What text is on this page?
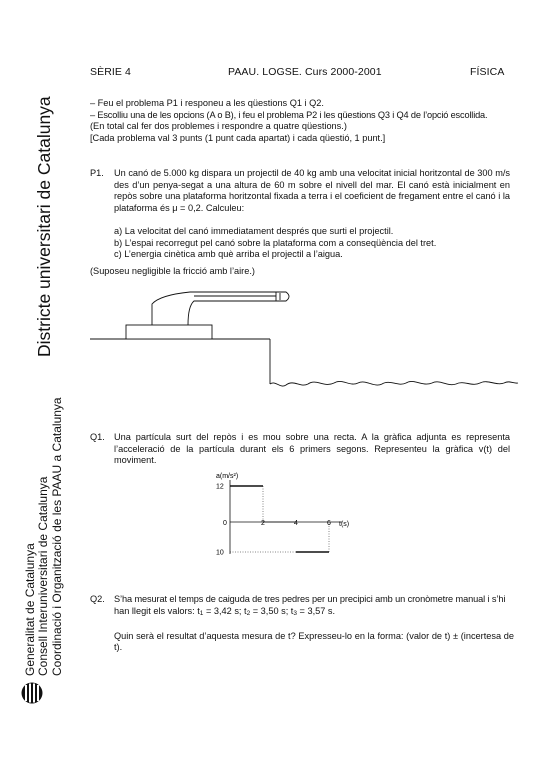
SÈRIE 4	PAAU. LOGSE. Curs 2000-2001	FÍSICA
Districte universitari de Catalunya
Generalitat de Catalunya Consell Interuniversitari de Catalunya Coordinació i Organització de les PAAU a Catalunya

– Feu el problema P1 i responeu a les qüestions Q1 i Q2.

– Escolliu una de les opcions (A o B), i feu el problema P2 i les qüestions Q3 i Q4 de l’opció escollida.

(En total cal fer dos problemes i respondre a quatre qüestions.)

[Cada problema val 3 punts (1 punt cada apartat) i cada qüestió, 1 punt.]

P1. Un canó de 5.000 kg dispara un projectil de 40 kg amb una velocitat inicial horitzontal de 300 m/s des d’un penya-segat a una altura de 60 m sobre el nivell del mar. El canó està inicialment en repòs sobre una plataforma horitzontal fixada a terra i el coeficient de fregament entre el canó i la plataforma és μ = 0,2. Calculeu:
a) La velocitat del canó immediatament després que surti el projectil.
b) L’espai recorregut pel canó sobre la plataforma com a conseqüència del tret.
c) L’energia cinètica amb què arriba el projectil a l’aigua.
(Suposeu negligible la fricció amb l’aire.)
Q1. Una partícula surt del repòs i es mou sobre una recta. A la gràfica adjunta es representa l’acceleració de la partícula durant els 6 primers segons. Representeu la gràfica v(t) del moviment.
a(m/s²)
t(s)
0	2	4	6
12
10
Q2. S’ha mesurat el temps de caiguda de tres pedres per un precipici amb un cronòmetre manual i s’hi
han llegit els valors: $t_1 = 3,42$ s; $t_2 = 3,50$ s; $t_3 = 3,57$ s.
Quin serà el resultat d’aquesta mesura de t? Expresseu-lo en la forma: (valor de t) ± (incertesa de t).
